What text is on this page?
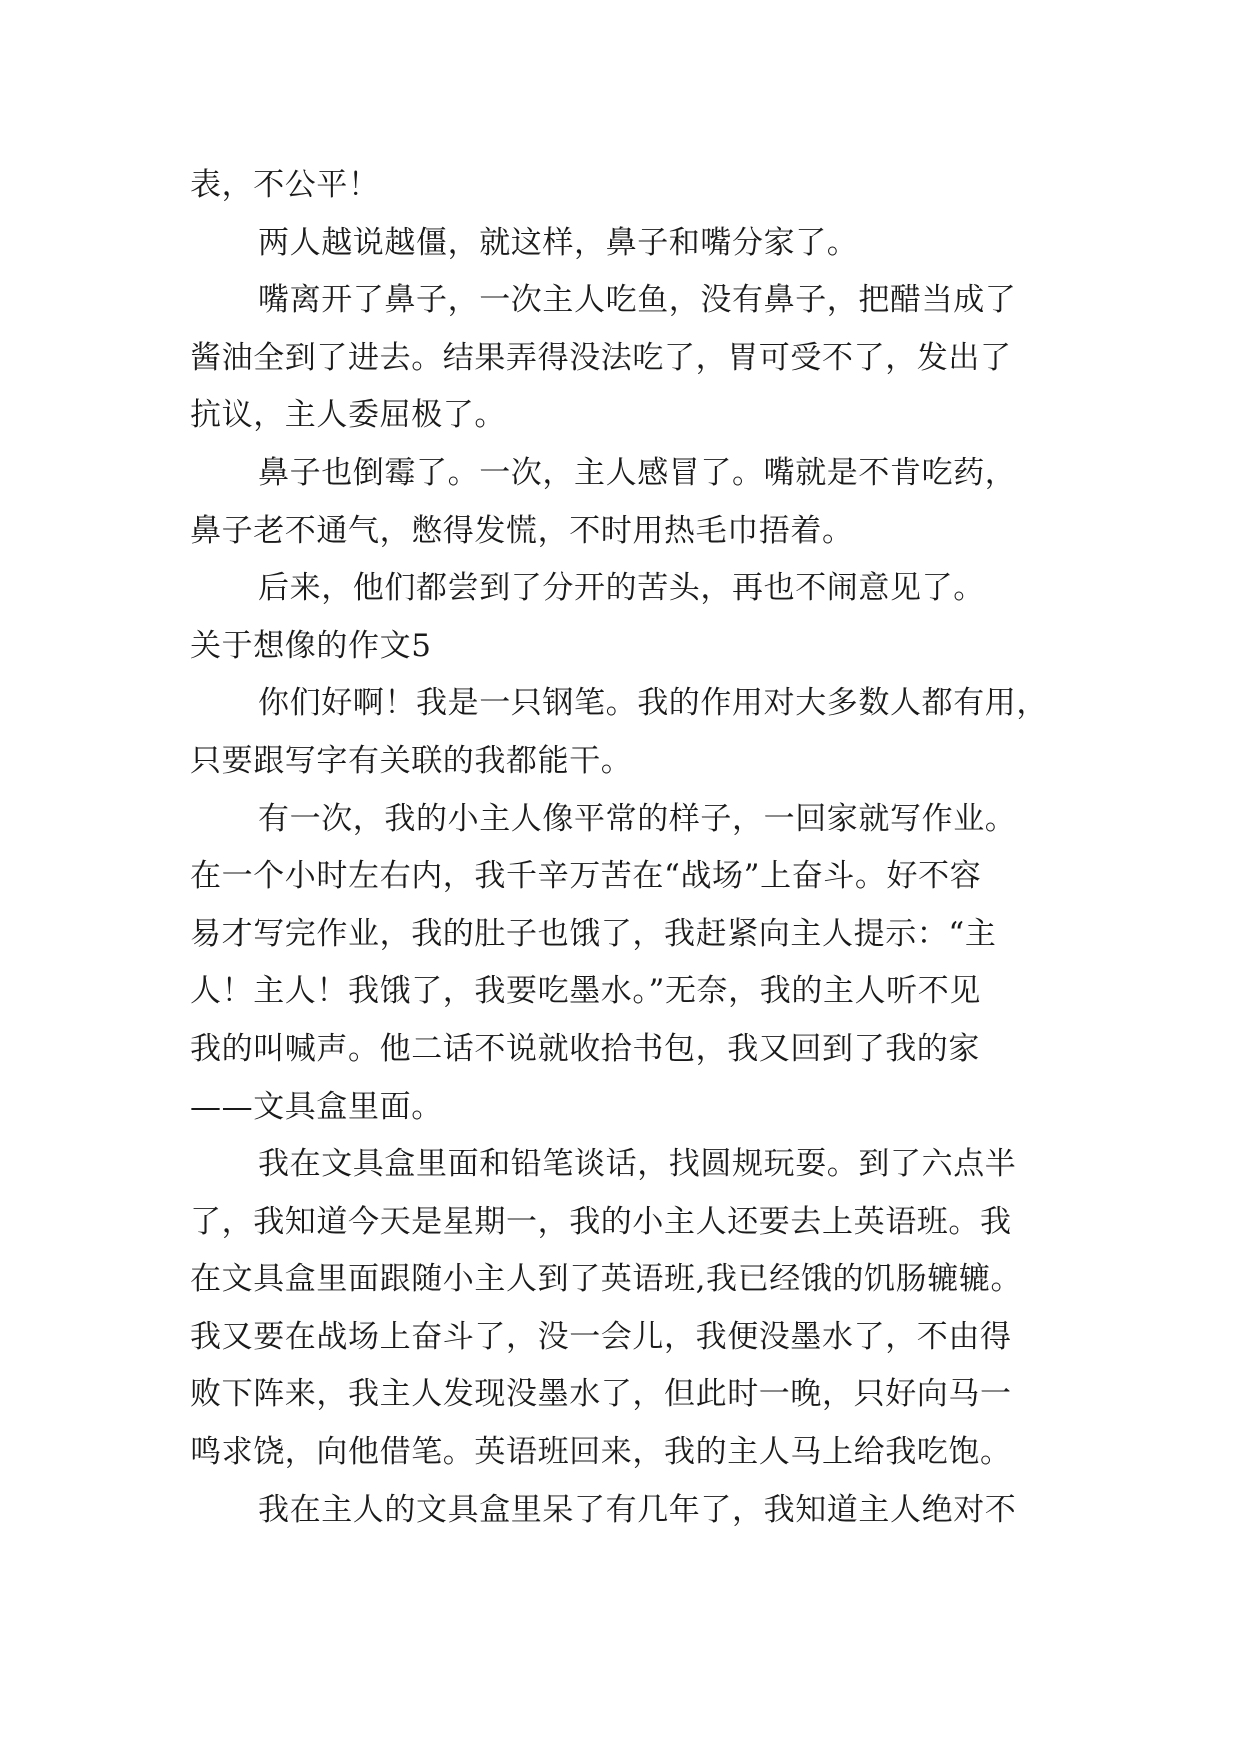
表，不公平！
两人越说越僵，就这样，鼻子和嘴分家了。
嘴离开了鼻子，一次主人吃鱼，没有鼻子，把醋当成了
酱油全到了进去。结果弄得没法吃了，胃可受不了，发出了
抗议，主人委屈极了。
鼻子也倒霉了。一次，主人感冒了。嘴就是不肯吃药，
鼻子老不通气，憋得发慌，不时用热毛巾捂着。
后来，他们都尝到了分开的苦头，再也不闹意见了。
关于想像的作文5
你们好啊！我是一只钢笔。我的作用对大多数人都有用，
只要跟写字有关联的我都能干。
有一次，我的小主人像平常的样子，一回家就写作业。
在一个小时左右内，我千辛万苦在“战场”上奋斗。好不容
易才写完作业，我的肚子也饿了，我赶紧向主人提示：“主
人！主人！我饿了，我要吃墨水。”无奈，我的主人听不见
我的叫喊声。他二话不说就收拾书包，我又回到了我的家
——文具盒里面。
我在文具盒里面和铅笔谈话，找圆规玩耍。到了六点半
了，我知道今天是星期一，我的小主人还要去上英语班。我
在文具盒里面跟随小主人到了英语班,我已经饿的饥肠辘辘。
我又要在战场上奋斗了，没一会儿，我便没墨水了，不由得
败下阵来，我主人发现没墨水了，但此时一晚，只好向马一
鸣求饶，向他借笔。英语班回来，我的主人马上给我吃饱。
我在主人的文具盒里呆了有几年了，我知道主人绝对不
